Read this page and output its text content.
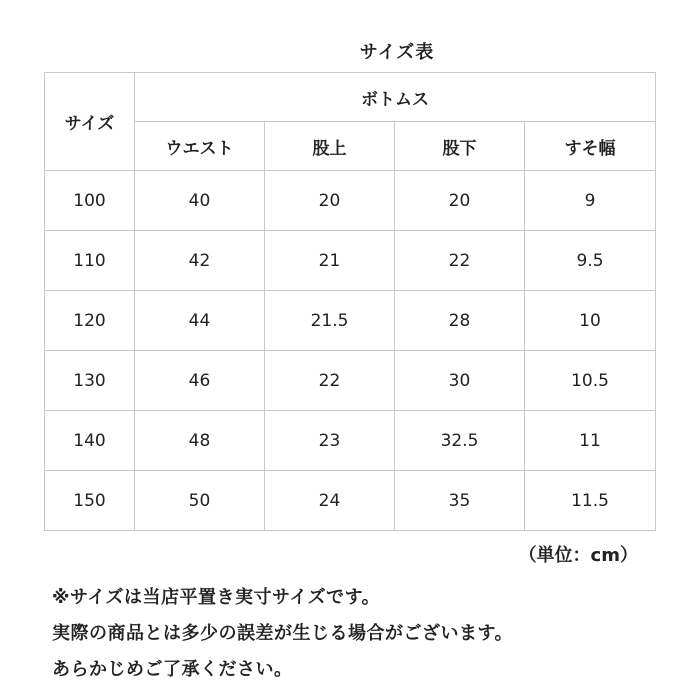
サイズ表
サイズ	ボトムス			
	ウエスト	股上	股下	すそ幅
100	40	20	20	9
110	42	21	22	9.5
120	44	21.5	28	10
130	46	22	30	10.5
140	48	23	32.5	11
150	50	24	35	11.5
（単位：cm）
※サイズは当店平置き実寸サイズです。
実際の商品とは多少の誤差が生じる場合がございます。
あらかじめご了承ください。
